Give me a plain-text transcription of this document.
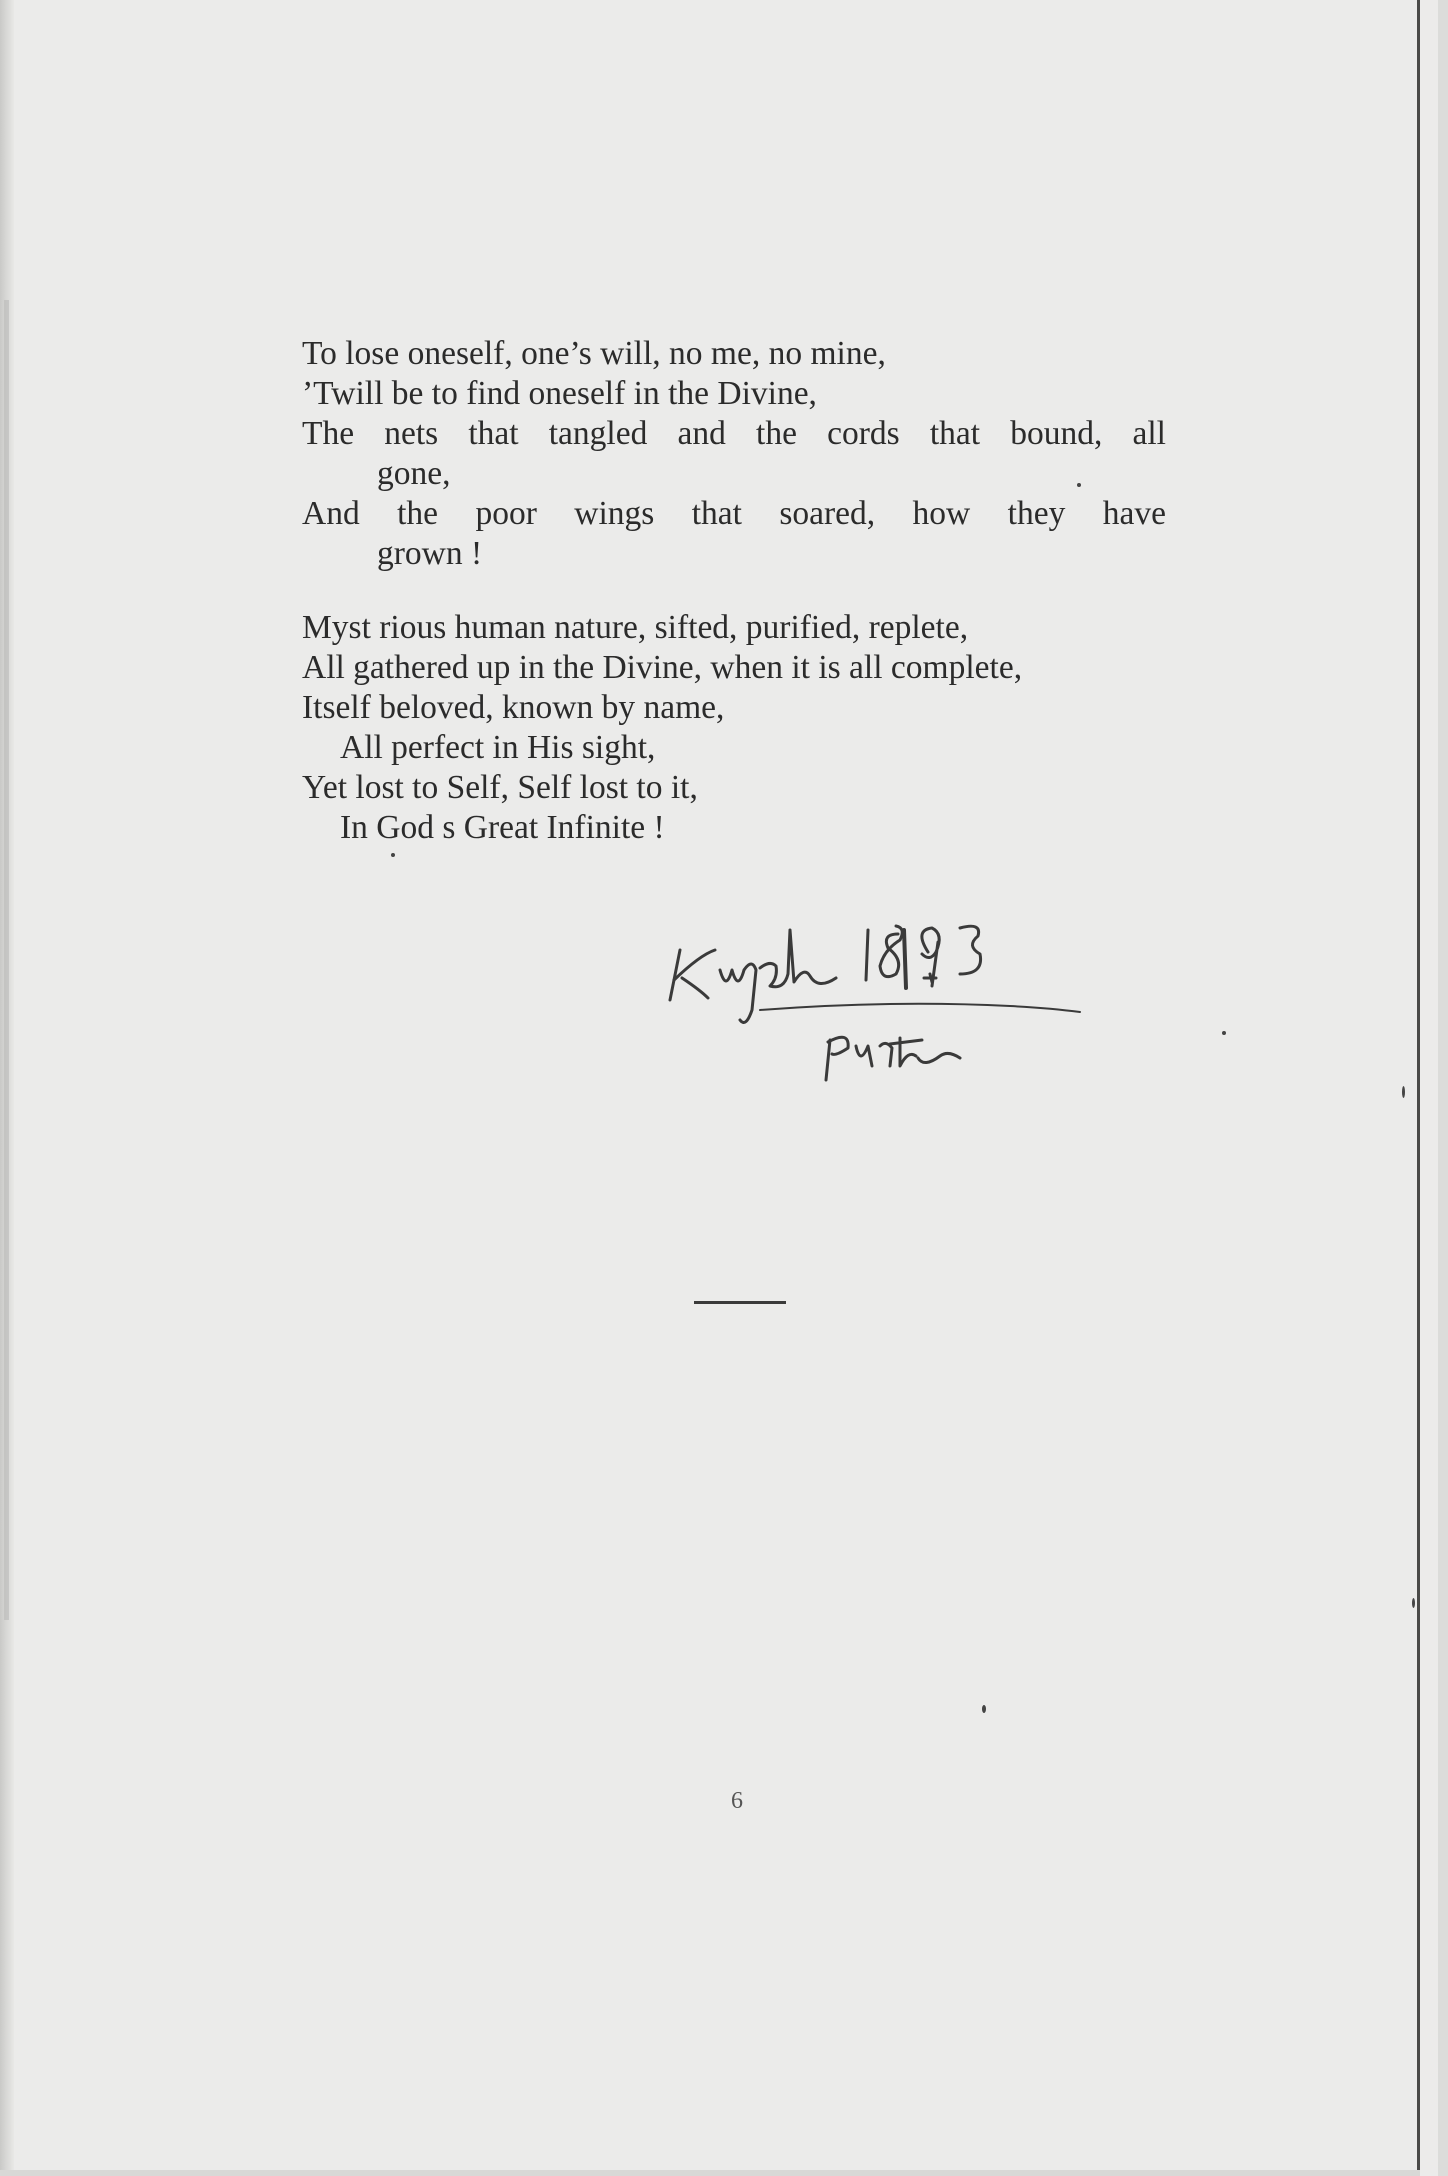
To lose oneself, one’s will, no me, no mine,
’Twill be to find oneself in the Divine,
The nets that tangled and the cords that bound, all
gone,
And the poor wings that soared, how they have
grown !
Myst rious human nature, sifted, purified, replete,
All gathered up in the Divine, when it is all complete,
Itself beloved, known by name,
All perfect in His sight,
Yet lost to Self, Self lost to it,
In God s Great Infinite !
6
